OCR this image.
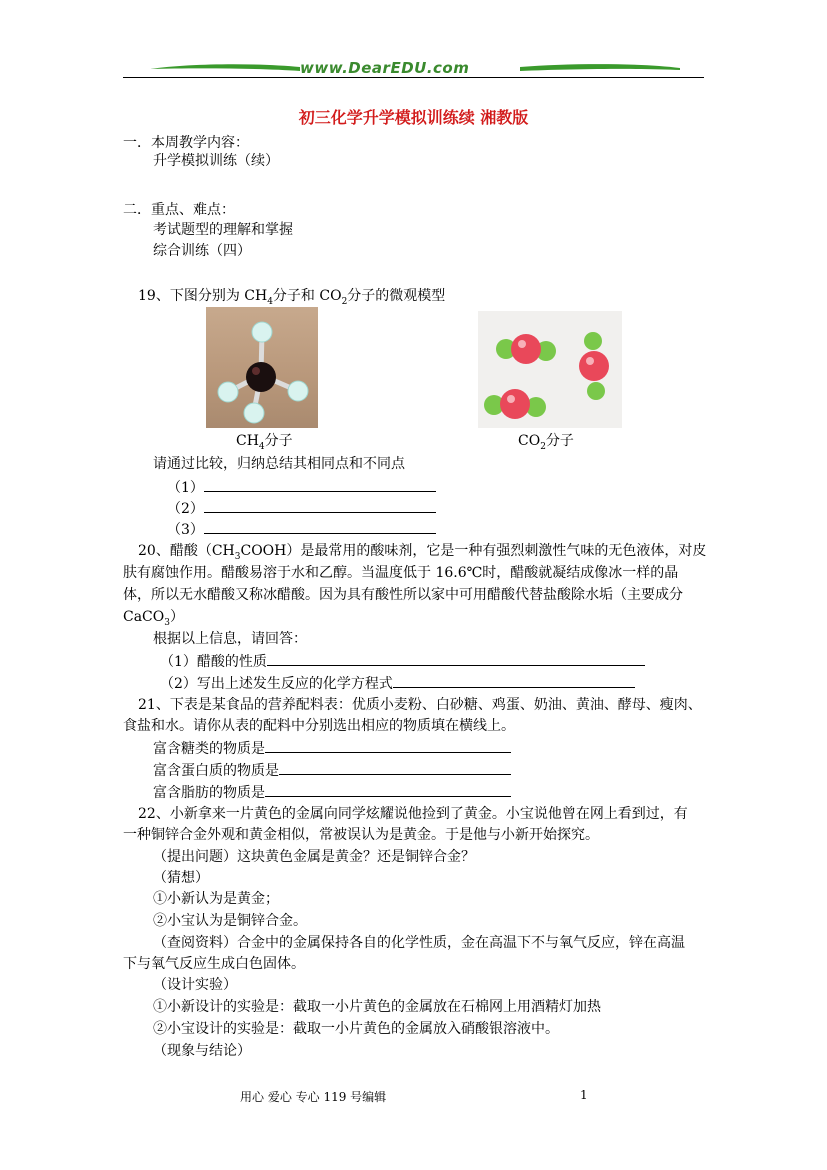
www.DearEDU.com
初三化学升学模拟训练续 湘教版
一．本周教学内容：
升学模拟训练（续）
二．重点、难点：
考试题型的理解和掌握
综合训练（四）
19、下图分别为 $CH_4$分子和 $CO_2$分子的微观模型
$CH_4$分子	$CO_2$分子
请通过比较，归纳总结其相同点和不同点
（1）
（2）
（3）
20、醋酸$(CH_3COOH)$是最常用的酸味剂，它是一种有强烈刺激性气味的无色液体，对皮
肤有腐蚀作用。醋酸易溶于水和乙醇。当温度低于 16.6℃时，醋酸就凝结成像冰一样的晶
体，所以无水醋酸又称冰醋酸。因为具有酸性所以家中可用醋酸代替盐酸除水垢（主要成分
CaCO$_3$）
根据以上信息，请回答：
（1）醋酸的性质
（2）写出上述发生反应的化学方程式
21、下表是某食品的营养配料表：优质小麦粉、白砂糖、鸡蛋、奶油、黄油、酵母、瘦肉、
食盐和水。请你从表的配料中分别选出相应的物质填在横线上。
富含糖类的物质是
富含蛋白质的物质是
富含脂肪的物质是
22、小新拿来一片黄色的金属向同学炫耀说他捡到了黄金。小宝说他曾在网上看到过，有
一种铜锌合金外观和黄金相似，常被误认为是黄金。于是他与小新开始探究。
（提出问题）这块黄色金属是黄金？还是铜锌合金？
（猜想）
①小新认为是黄金；
②小宝认为是铜锌合金。
（查阅资料）合金中的金属保持各自的化学性质，金在高温下不与氧气反应，锌在高温
下与氧气反应生成白色固体。
（设计实验）
①小新设计的实验是：截取一小片黄色的金属放在石棉网上用酒精灯加热
②小宝设计的实验是：截取一小片黄色的金属放入硝酸银溶液中。
（现象与结论）
用心 爱心 专心 119 号编辑	1
